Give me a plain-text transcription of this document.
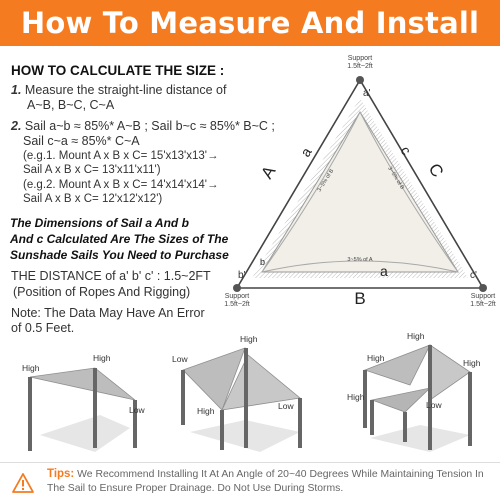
How To Measure And Install
HOW TO CALCULATE THE SIZE :
1. Measure the straight-line distance of
A~B, B~C, C~A
2. Sail a~b ≈ 85%* A~B ; Sail b~c ≈ 85%* B~C ;
Sail c~a ≈ 85%* C~A
(e.g.1. Mount A x B x C= 15'x13'x13'→
Sail A x B x C= 13'x11'x11')
(e.g.2. Mount A x B x C= 14'x14'x14'→
Sail A x B x C= 12'x12'x12')
The Dimensions of Sail a And b
And c Calculated Are The Sizes of The
Sunshade Sails You Need to Purchase
THE DISTANCE of a' b' c' : 1.5~2FT
(Position of Ropes And Rigging)
Note: The Data May Have An Error
of 0.5 Feet.
Support
1.5ft~2ft
Support
1.5ft~2ft
Support
1.5ft~2ft
a'
b'	c'
A	C
B
a	c
a
3~5% of B	3~5% of B
3~5% of A
b
High
High
Low
Low
High
High	Low
High
High
High
High
Low
Tips: We Recommend Installing It At An Angle of 20~40 Degrees While Maintaining Tension In The Sail to Ensure Proper Drainage. Do Not Use During Storms.
